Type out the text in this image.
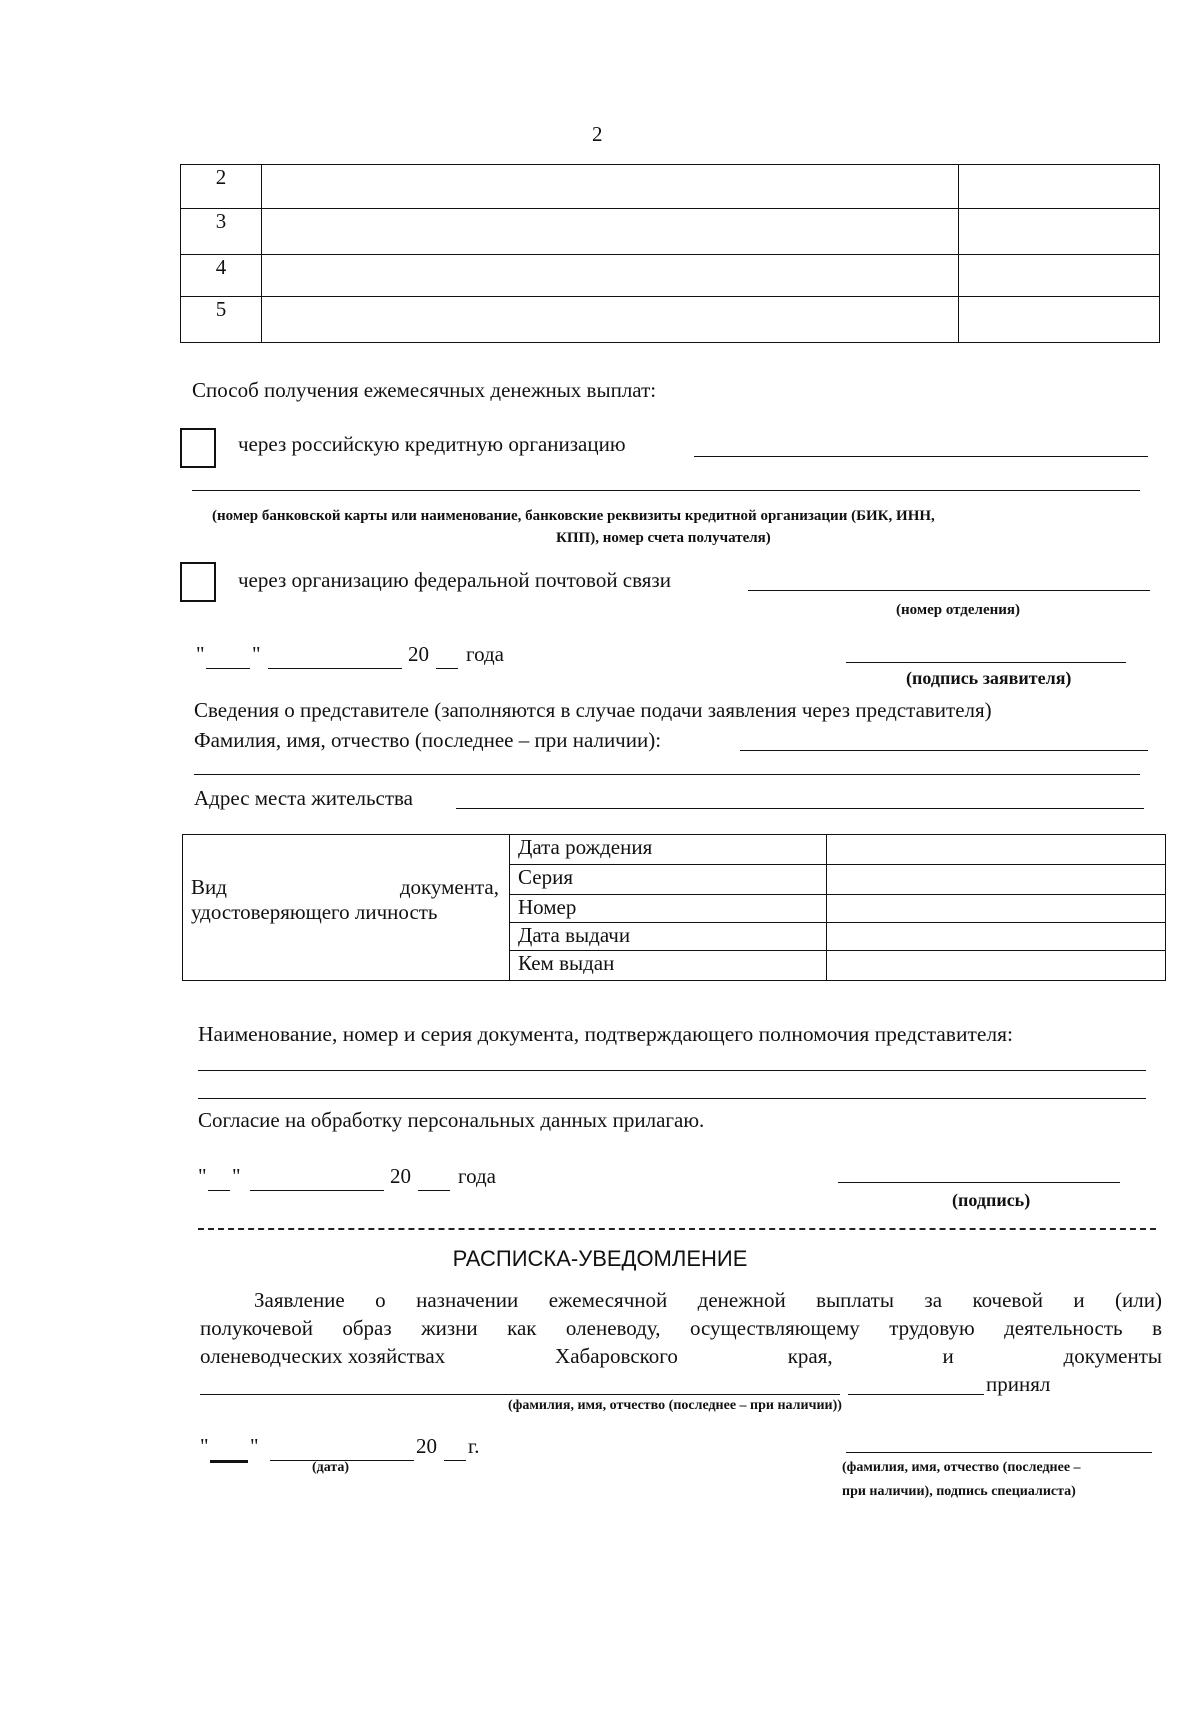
2
2		
3		
4		
5		
Способ получения ежемесячных денежных выплат:
через российскую кредитную организацию
(номер банковской карты или наименование, банковские реквизиты кредитной организации (БИК, ИНН,
КПП), номер счета получателя)
через организацию федеральной почтовой связи
(номер отделения)
" "	20 года
(подпись заявителя)
Сведения о представителе (заполняются в случае подачи заявления через представителя)
Фамилия, имя, отчество (последнее – при наличии):
Адрес места жительства
Вид документа,
удостоверяющего личность	Дата рождения	
	Серия	
	Номер	
	Дата выдачи	
	Кем выдан	
Наименование, номер и серия документа, подтверждающего полномочия представителя:
Согласие на обработку персональных данных прилагаю.
" "	20 года
(подпись)
РАСПИСКА-УВЕДОМЛЕНИЕ
Заявление о назначении ежемесячной денежной выплаты за кочевой и (или)
полукочевой образ жизни как оленеводу, осуществляющему трудовую деятельность в
оленеводческих хозяйствах	Хабаровского	края,	и	документы
принял
(фамилия, имя, отчество (последнее – при наличии))
" "	20 г.
(дата)	(фамилия, имя, отчество (последнее –
при наличии), подпись специалиста)
